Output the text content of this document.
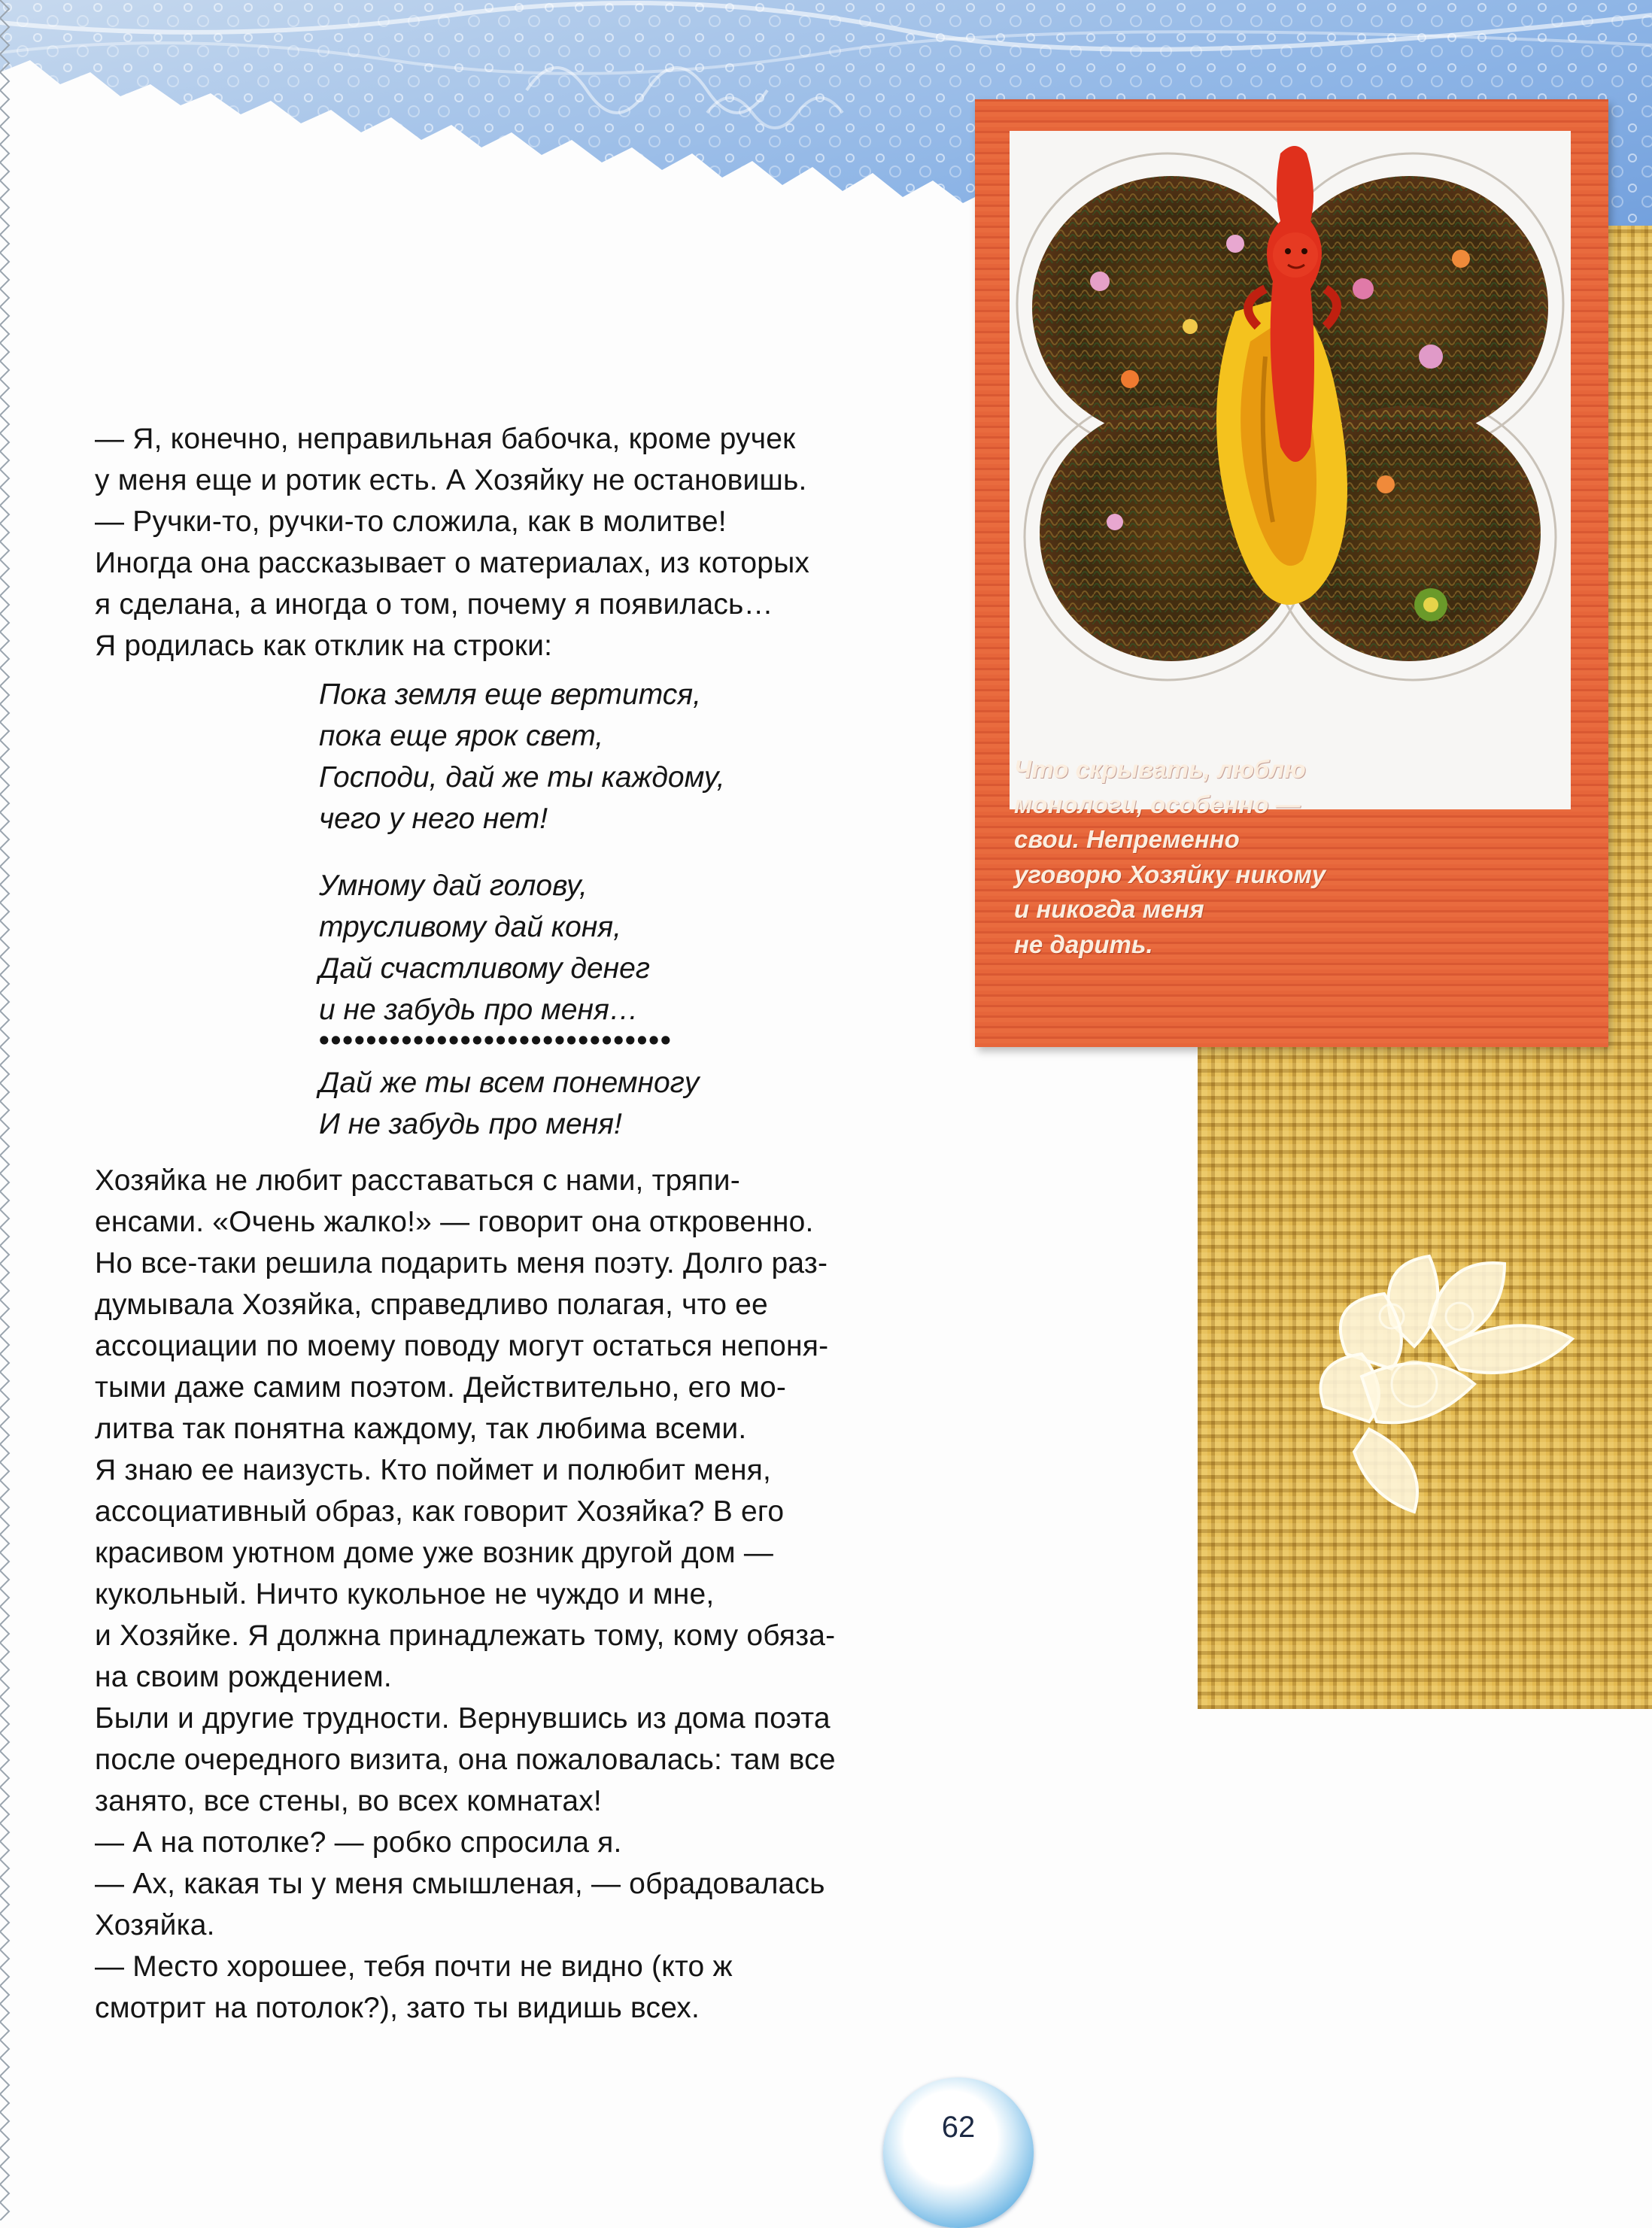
Что скрывать, люблю
монологи, особенно —
свои. Непременно
уговорю Хозяйку никому
и никогда меня
не дарить.

— Я, конечно, неправильная бабочка, кроме ручек
у меня еще и ротик есть. А Хозяйку не остановишь.
— Ручки-то, ручки-то сложила, как в молитве!
Иногда она рассказывает о материалах, из которых
я сделана, а иногда о том, почему я появилась…
Я родилась как отклик на строки:

Пока земля еще вертится,
пока еще ярок свет,
Господи, дай же ты каждому,
чего у него нет!

Умному дай голову,
трусливому дай коня,
Дай счастливому денег
и не забудь про меня…

••••••••••••••••••••••••••••••

Дай же ты всем понемногу
И не забудь про меня!

Хозяйка не любит расставаться с нами, тряпи-
енсами. «Очень жалко!» — говорит она откровенно.
Но все-таки решила подарить меня поэту. Долго раз-
думывала Хозяйка, справедливо полагая, что ее
ассоциации по моему поводу могут остаться непоня-
тыми даже самим поэтом. Действительно, его мо-
литва так понятна каждому, так любима всеми.
Я знаю ее наизусть. Кто поймет и полюбит меня,
ассоциативный образ, как говорит Хозяйка? В его
красивом уютном доме уже возник другой дом —
кукольный. Ничто кукольное не чуждо и мне,
и Хозяйке. Я должна принадлежать тому, кому обяза-
на своим рождением.
Были и другие трудности. Вернувшись из дома поэта
после очередного визита, она пожаловалась: там все
занято, все стены, во всех комнатах!
— А на потолке? — робко спросила я.
— Ах, какая ты у меня смышленая, — обрадовалась
Хозяйка.
— Место хорошее, тебя почти не видно (кто ж
смотрит на потолок?), зато ты видишь всех.

62
